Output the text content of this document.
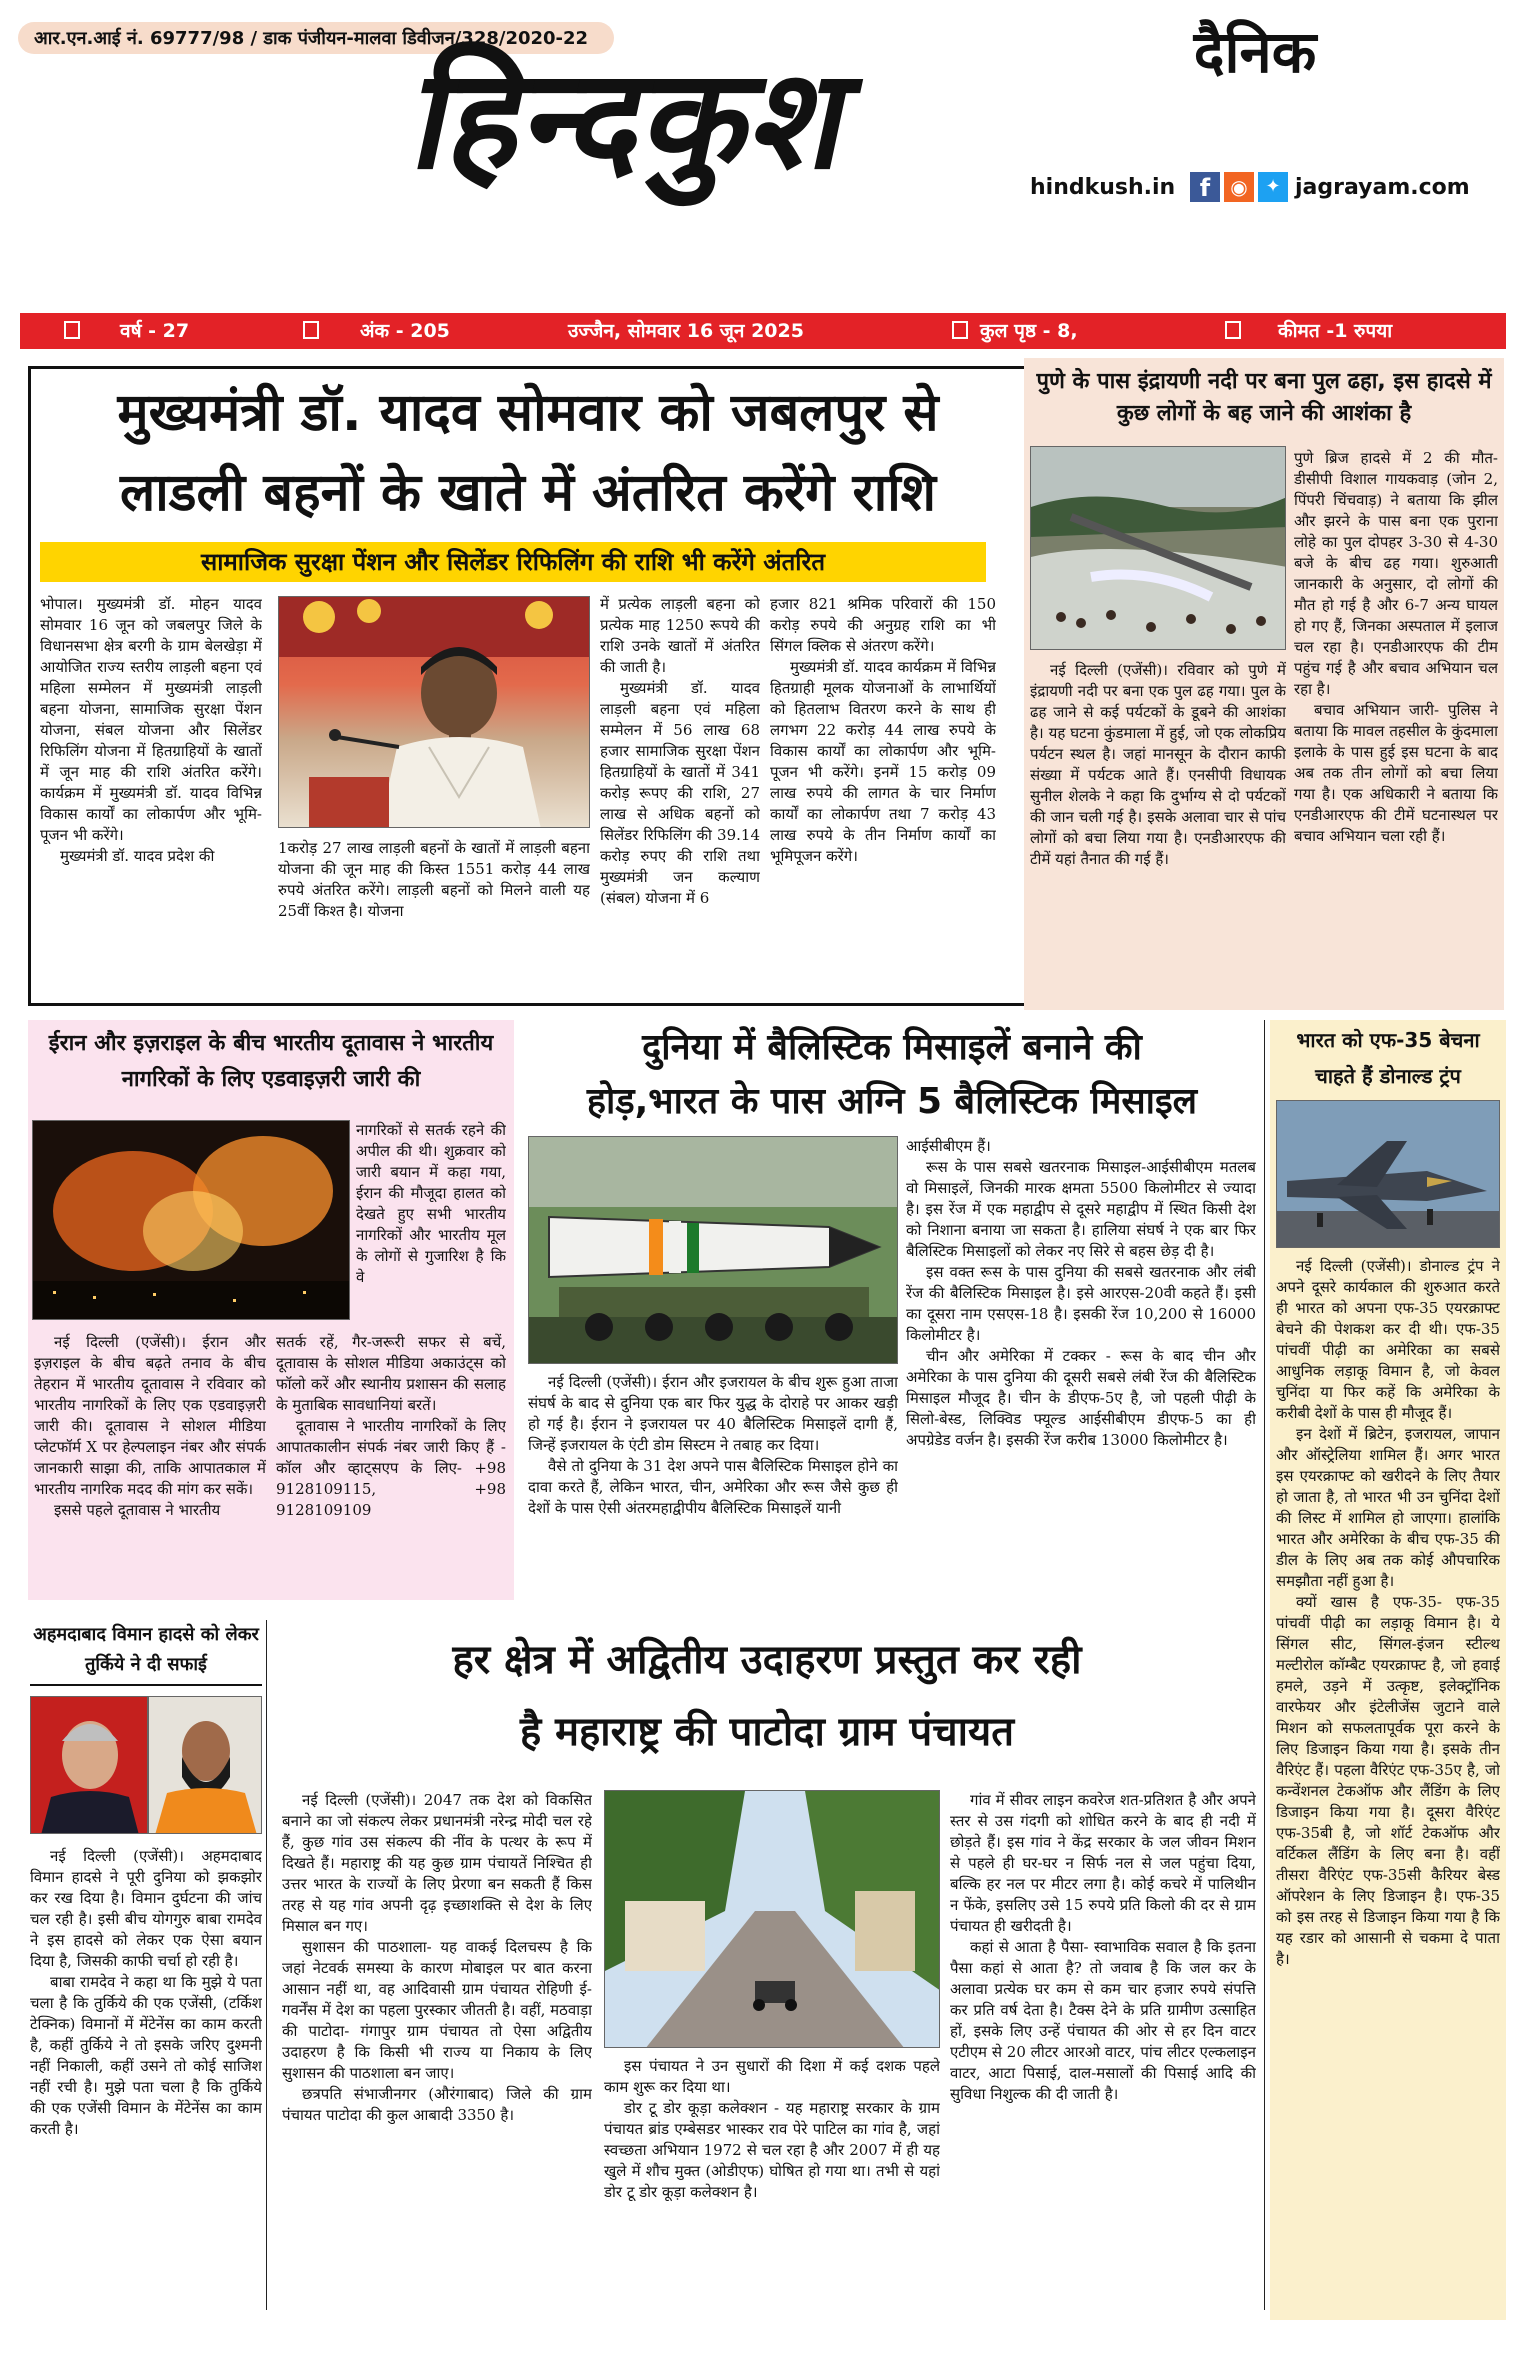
आर.एन.आई नं. 69777/98 / डाक पंजीयन-मालवा डिवीजन/328/2020-22	दैनिक
हिन्दकुश	hindkush.in	f	◉ ✦ jagrayam.com
वर्ष - 27	अंक - 205	उज्जैन, सोमवार 16 जून 2025	कुल पृष्ठ - 8,	कीमत -1 रुपया
मुख्यमंत्री डॉ. यादव सोमवार को जबलपुर से
लाडली बहनों के खाते में अंतरित करेंगे राशि
सामाजिक सुरक्षा पेंशन और सिलेंडर रिफिलिंग की राशि भी करेंगे अंतरित

भोपाल। मुख्यमंत्री डॉ. मोहन यादव सोमवार 16 जून को जबलपुर जिले के विधानसभा क्षेत्र बरगी के ग्राम बेलखेड़ा में आयोजित राज्य स्तरीय लाड़ली बहना एवं महिला सम्मेलन में मुख्यमंत्री लाड़ली बहना योजना, सामाजिक सुरक्षा पेंशन योजना, संबल योजना और सिलेंडर रिफिलिंग योजना में हितग्राहियों के खातों में जून माह की राशि अंतरित करेंगे। कार्यक्रम में मुख्यमंत्री डॉ. यादव विभिन्न विकास कार्यों का लोकार्पण और भूमि-पूजन भी करेंगे।

मुख्यमंत्री डॉ. यादव प्रदेश की	1करोड़ 27 लाख लाड़ली बहनों के खातों में लाड़ली बहना योजना की जून माह की किस्त 1551 करोड़ 44 लाख रुपये अंतरित करेंगे। लाड़ली बहनों को मिलने वाली यह 25वीं किश्त है। योजना

में प्रत्येक लाड़ली बहना को प्रत्येक माह 1250 रूपये की राशि उनके खातों में अंतरित की जाती है।

मुख्यमंत्री डॉ. यादव लाड़ली बहना एवं महिला सम्मेलन में 56 लाख 68 हजार सामाजिक सुरक्षा पेंशन हितग्राहियों के खातों में 341 करोड़ रूपए की राशि, 27 लाख से अधिक बहनों को सिलेंडर रिफिलिंग की 39.14 करोड़ रुपए की राशि तथा मुख्यमंत्री जन कल्याण (संबल) योजना में 6

हजार 821 श्रमिक परिवारों की 150 करोड़ रुपये की अनुग्रह राशि का भी सिंगल क्लिक से अंतरण करेंगे।

मुख्यमंत्री डॉ. यादव कार्यक्रम में विभिन्न हितग्राही मूलक योजनाओं के लाभार्थियों को हितलाभ वितरण करने के साथ ही लगभग 22 करोड़ 44 लाख रुपये के विकास कार्यों का लोकार्पण और भूमि-पूजन भी करेंगे। इनमें 15 करोड़ 09 लाख रुपये की लागत के चार निर्माण कार्यों का लोकार्पण तथा 7 करोड़ 43 लाख रुपये के तीन निर्माण कार्यों का भूमिपूजन करेंगे।

पुणे के पास इंद्रायणी नदी पर बना पुल ढहा, इस हादसे में कुछ लोगों के बह जाने की आशंका है

पुणे ब्रिज हादसे में 2 की मौत- डीसीपी विशाल गायकवाड़ (जोन 2, पिंपरी चिंचवाड़) ने बताया कि झील और झरने के पास बना एक पुराना लोहे का पुल दोपहर 3-30 से 4-30 बजे के बीच ढह गया। शुरुआती जानकारी के अनुसार, दो लोगों की मौत हो गई है और 6-7 अन्य घायल हो गए हैं, जिनका अस्पताल में इलाज चल रहा है। एनडीआरएफ की टीम पहुंच गई है और बचाव अभियान चल रहा है।

बचाव अभियान जारी- पुलिस ने बताया कि मावल तहसील के कुंदमाला इलाके के पास हुई इस घटना के बाद अब तक तीन लोगों को बचा लिया गया है। एक अधिकारी ने बताया कि एनडीआरएफ की टीमें घटनास्थल पर बचाव अभियान चला रही हैं।

नई दिल्ली (एजेंसी)। रविवार को पुणे में इंद्रायणी नदी पर बना एक पुल ढह गया। पुल के ढह जाने से कई पर्यटकों के डूबने की आशंका है। यह घटना कुंडमाला में हुई, जो एक लोकप्रिय पर्यटन स्थल है। जहां मानसून के दौरान काफी संख्या में पर्यटक आते हैं। एनसीपी विधायक सुनील शेलके ने कहा कि दुर्भाग्य से दो पर्यटकों की जान चली गई है। इसके अलावा चार से पांच लोगों को बचा लिया गया है। एनडीआरएफ की टीमें यहां तैनात की गई हैं।
ईरान और इज़राइल के बीच भारतीय दूतावास ने भारतीय नागरिकों के लिए एडवाइज़री जारी की
नागरिकों से सतर्क रहने की अपील की थी। शुक्रवार को जारी बयान में कहा गया, ईरान की मौजूदा हालत को देखते हुए सभी भारतीय नागरिकों और भारतीय मूल के लोगों से गुजारिश है कि वे

नई दिल्ली (एजेंसी)। ईरान और इज़राइल के बीच बढ़ते तनाव के बीच तेहरान में भारतीय दूतावास ने रविवार को भारतीय नागरिकों के लिए एक एडवाइज़री जारी की। दूतावास ने सोशल मीडिया प्लेटफॉर्म X पर हेल्पलाइन नंबर और संपर्क जानकारी साझा की, ताकि आपातकाल में भारतीय नागरिक मदद की मांग कर सकें।

इससे पहले दूतावास ने भारतीय

सतर्क रहें, गैर-जरूरी सफर से बचें, दूतावास के सोशल मीडिया अकाउंट्स को फॉलो करें और स्थानीय प्रशासन की सलाह के मुताबिक सावधानियां बरतें।

दूतावास ने भारतीय नागरिकों के लिए आपातकालीन संपर्क नंबर जारी किए हैं - कॉल और व्हाट्सएप के लिए- +98 9128109115, +98 9128109109

दुनिया में बैलिस्टिक मिसाइलें बनाने की
होड़,भारत के पास अग्नि 5 बैलिस्टिक मिसाइल

नई दिल्ली (एजेंसी)। ईरान और इजरायल के बीच शुरू हुआ ताजा संघर्ष के बाद से दुनिया एक बार फिर युद्ध के दोराहे पर आकर खड़ी हो गई है। ईरान ने इजरायल पर 40 बैलिस्टिक मिसाइलें दागी हैं, जिन्हें इजरायल के एंटी डोम सिस्टम ने तबाह कर दिया।

वैसे तो दुनिया के 31 देश अपने पास बैलिस्टिक मिसाइल होने का दावा करते हैं, लेकिन भारत, चीन, अमेरिका और रूस जैसे कुछ ही देशों के पास ऐसी अंतरमहाद्वीपीय बैलिस्टिक मिसाइलें यानी

आईसीबीएम हैं।

रूस के पास सबसे खतरनाक मिसाइल-आईसीबीएम मतलब वो मिसाइलें, जिनकी मारक क्षमता 5500 किलोमीटर से ज्यादा है। इस रेंज में एक महाद्वीप से दूसरे महाद्वीप में स्थित किसी देश को निशाना बनाया जा सकता है। हालिया संघर्ष ने एक बार फिर बैलिस्टिक मिसाइलों को लेकर नए सिरे से बहस छेड़ दी है।

इस वक्त रूस के पास दुनिया की सबसे खतरनाक और लंबी रेंज की बैलिस्टिक मिसाइल है। इसे आरएस-20वी कहते हैं। इसी का दूसरा नाम एसएस-18 है। इसकी रेंज 10,200 से 16000 किलोमीटर है।

चीन और अमेरिका में टक्कर - रूस के बाद चीन और अमेरिका के पास दुनिया की दूसरी सबसे लंबी रेंज की बैलिस्टिक मिसाइल मौजूद है। चीन के डीएफ-5ए है, जो पहली पीढ़ी के सिलो-बेस्ड, लिक्विड फ्यूल्ड आईसीबीएम डीएफ-5 का ही अपग्रेडेड वर्जन है। इसकी रेंज करीब 13000 किलोमीटर है।

भारत को एफ-35 बेचना चाहते हैं डोनाल्ड ट्रंप

नई दिल्ली (एजेंसी)। डोनाल्ड ट्रंप ने अपने दूसरे कार्यकाल की शुरुआत करते ही भारत को अपना एफ-35 एयरक्राफ्ट बेचने की पेशकश कर दी थी। एफ-35 पांचवीं पीढ़ी का अमेरिका का सबसे आधुनिक लड़ाकू विमान है, जो केवल चुनिंदा या फिर कहें कि अमेरिका के करीबी देशों के पास ही मौजूद हैं।

इन देशों में ब्रिटेन, इजरायल, जापान और ऑस्ट्रेलिया शामिल हैं। अगर भारत इस एयरक्राफ्ट को खरीदने के लिए तैयार हो जाता है, तो भारत भी उन चुनिंदा देशों की लिस्ट में शामिल हो जाएगा। हालांकि भारत और अमेरिका के बीच एफ-35 की डील के लिए अब तक कोई औपचारिक समझौता नहीं हुआ है।

क्यों खास है एफ-35- एफ-35 पांचवीं पीढ़ी का लड़ाकू विमान है। ये सिंगल सीट, सिंगल-इंजन स्टील्थ मल्टीरोल कॉम्बैट एयरक्राफ्ट है, जो हवाई हमले, उड़ने में उत्कृष्ट, इलेक्ट्रॉनिक वारफेयर और इंटेलीजेंस जुटाने वाले मिशन को सफलतापूर्वक पूरा करने के लिए डिजाइन किया गया है। इसके तीन वैरिएंट हैं। पहला वैरिएंट एफ-35ए है, जो कन्वेंशनल टेकऑफ और लैंडिंग के लिए डिजाइन किया गया है। दूसरा वैरिएंट एफ-35बी है, जो शॉर्ट टेकऑफ और वर्टिकल लैंडिंग के लिए बना है। वहीं तीसरा वैरिएंट एफ-35सी कैरियर बेस्ड ऑपरेशन के लिए डिजाइन है। एफ-35 को इस तरह से डिजाइन किया गया है कि यह रडार को आसानी से चकमा दे पाता है।

अहमदाबाद विमान हादसे को लेकर तुर्किये ने दी सफाई

नई दिल्ली (एजेंसी)। अहमदाबाद विमान हादसे ने पूरी दुनिया को झकझोर कर रख दिया है। विमान दुर्घटना की जांच चल रही है। इसी बीच योगगुरु बाबा रामदेव ने इस हादसे को लेकर एक ऐसा बयान दिया है, जिसकी काफी चर्चा हो रही है।

बाबा रामदेव ने कहा था कि मुझे ये पता चला है कि तुर्किये की एक एजेंसी, (टर्किश टेक्निक) विमानों में मेंटेनेंस का काम करती है, कहीं तुर्किये ने तो इसके जरिए दुश्मनी नहीं निकाली, कहीं उसने तो कोई साजिश नहीं रची है। मुझे पता चला है कि तुर्किये की एक एजेंसी विमान के मेंटेनेंस का काम करती है।

हर क्षेत्र में अद्वितीय उदाहरण प्रस्तुत कर रही
है महाराष्ट्र की पाटोदा ग्राम पंचायत

नई दिल्ली (एजेंसी)। 2047 तक देश को विकसित बनाने का जो संकल्प लेकर प्रधानमंत्री नरेन्द्र मोदी चल रहे हैं, कुछ गांव उस संकल्प की नींव के पत्थर के रूप में दिखते हैं। महाराष्ट्र की यह कुछ ग्राम पंचायतें निश्चित ही उत्तर भारत के राज्यों के लिए प्रेरणा बन सकती हैं किस तरह से यह गांव अपनी दृढ़ इच्छाशक्ति से देश के लिए मिसाल बन गए।

सुशासन की पाठशाला- यह वाकई दिलचस्प है कि जहां नेटवर्क समस्या के कारण मोबाइल पर बात करना आसान नहीं था, वह आदिवासी ग्राम पंचायत रोहिणी ई-गवर्नेंस में देश का पहला पुरस्कार जीतती है। वहीं, मठवाड़ा की पाटोदा- गंगापुर ग्राम पंचायत तो ऐसा अद्वितीय उदाहरण है कि किसी भी राज्य या निकाय के लिए सुशासन की पाठशाला बन जाए।

छत्रपति संभाजीनगर (औरंगाबाद) जिले की ग्राम पंचायत पाटोदा की कुल आबादी 3350 है।

इस पंचायत ने उन सुधारों की दिशा में कई दशक पहले काम शुरू कर दिया था।

डोर टू डोर कूड़ा कलेक्शन - यह महाराष्ट्र सरकार के ग्राम पंचायत ब्रांड एम्बेसडर भास्कर राव पेरे पाटिल का गांव है, जहां स्वच्छता अभियान 1972 से चल रहा है और 2007 में ही यह खुले में शौच मुक्त (ओडीएफ) घोषित हो गया था। तभी से यहां डोर टू डोर कूड़ा कलेक्शन है।

गांव में सीवर लाइन कवरेज शत-प्रतिशत है और अपने स्तर से उस गंदगी को शोधित करने के बाद ही नदी में छोड़ते हैं। इस गांव ने केंद्र सरकार के जल जीवन मिशन से पहले ही घर-घर न सिर्फ नल से जल पहुंचा दिया, बल्कि हर नल पर मीटर लगा है। कोई कचरे में पालिथीन न फेंके, इसलिए उसे 15 रुपये प्रति किलो की दर से ग्राम पंचायत ही खरीदती है।

कहां से आता है पैसा- स्वाभाविक सवाल है कि इतना पैसा कहां से आता है? तो जवाब है कि जल कर के अलावा प्रत्येक घर कम से कम चार हजार रुपये संपत्ति कर प्रति वर्ष देता है। टैक्स देने के प्रति ग्रामीण उत्साहित हों, इसके लिए उन्हें पंचायत की ओर से हर दिन वाटर एटीएम से 20 लीटर आरओ वाटर, पांच लीटर एल्कलाइन वाटर, आटा पिसाई, दाल-मसालों की पिसाई आदि की सुविधा निशुल्क की दी जाती है।
